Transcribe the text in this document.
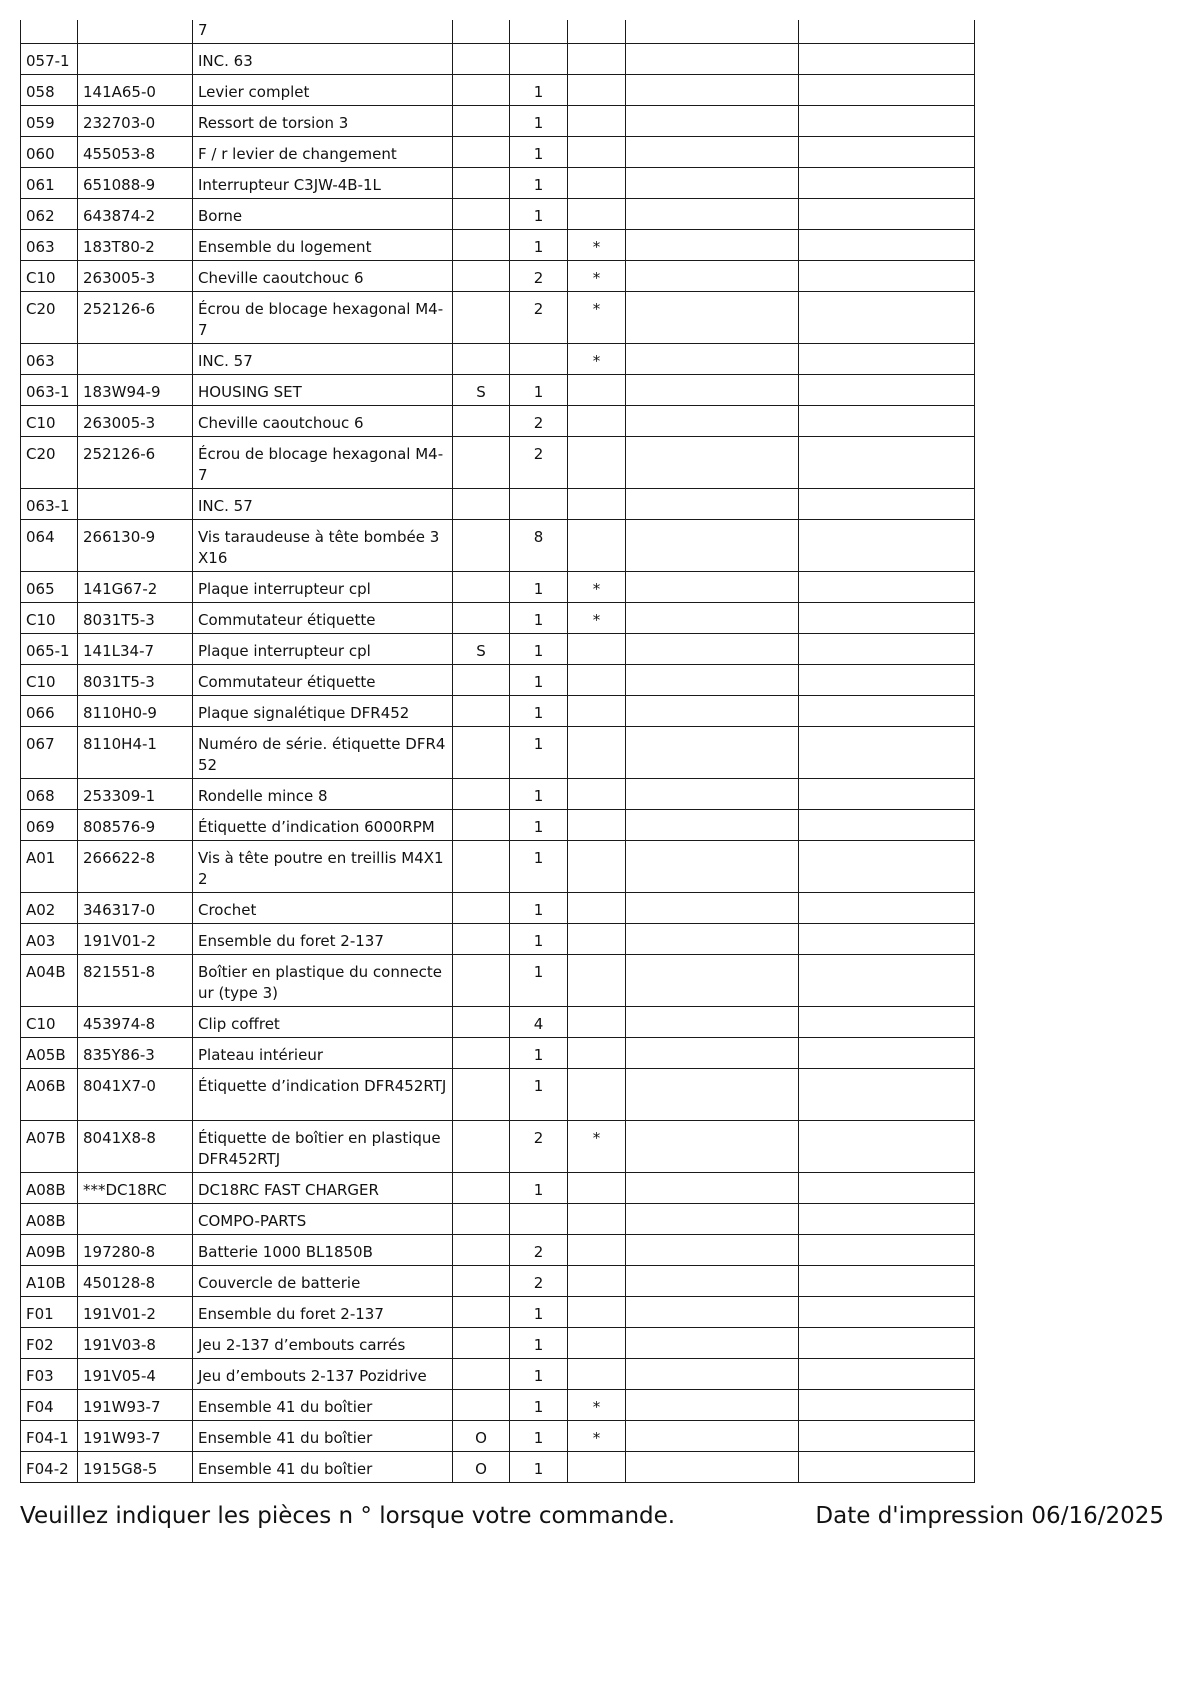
		7					
057-1		INC. 63					
058	141A65-0	Levier complet		1			
059	232703-0	Ressort de torsion 3		1			
060	455053-8	F / r levier de changement		1			
061	651088-9	Interrupteur C3JW-4B-1L		1			
062	643874-2	Borne		1			
063	183T80-2	Ensemble du logement		1	*		
C10	263005-3	Cheville caoutchouc 6		2	*		
C20	252126-6	Écrou de blocage hexagonal M4-7		2	*		
063		INC. 57			*		
063-1	183W94-9	HOUSING SET	S	1			
C10	263005-3	Cheville caoutchouc 6		2			
C20	252126-6	Écrou de blocage hexagonal M4-7		2			
063-1		INC. 57					
064	266130-9	Vis taraudeuse à tête bombée 3X16		8			
065	141G67-2	Plaque interrupteur cpl		1	*		
C10	8031T5-3	Commutateur étiquette		1	*		
065-1	141L34-7	Plaque interrupteur cpl	S	1			
C10	8031T5-3	Commutateur étiquette		1			
066	8110H0-9	Plaque signalétique DFR452		1			
067	8110H4-1	Numéro de série. étiquette DFR452		1			
068	253309-1	Rondelle mince 8		1			
069	808576-9	Étiquette d’indication 6000RPM		1			
A01	266622-8	Vis à tête poutre en treillis M4X12		1			
A02	346317-0	Crochet		1			
A03	191V01-2	Ensemble du foret 2-137		1			
A04B	821551-8	Boîtier en plastique du connecteur (type 3)		1			
C10	453974-8	Clip coffret		4			
A05B	835Y86-3	Plateau intérieur		1			
A06B	8041X7-0	Étiquette d’indication DFR452RTJ		1			
A07B	8041X8-8	Étiquette de boîtier en plastique DFR452RTJ		2	*		
A08B	***DC18RC	DC18RC FAST CHARGER		1			
A08B		COMPO-PARTS					
A09B	197280-8	Batterie 1000 BL1850B		2			
A10B	450128-8	Couvercle de batterie		2			
F01	191V01-2	Ensemble du foret 2-137		1			
F02	191V03-8	Jeu 2-137 d’embouts carrés		1			
F03	191V05-4	Jeu d’embouts 2-137 Pozidrive		1			
F04	191W93-7	Ensemble 41 du boîtier		1	*		
F04-1	191W93-7	Ensemble 41 du boîtier	O	1	*		
F04-2	1915G8-5	Ensemble 41 du boîtier	O	1			
Veuillez indiquer les pièces n ° lorsque votre commande.	Date d'impression 06/16/2025
